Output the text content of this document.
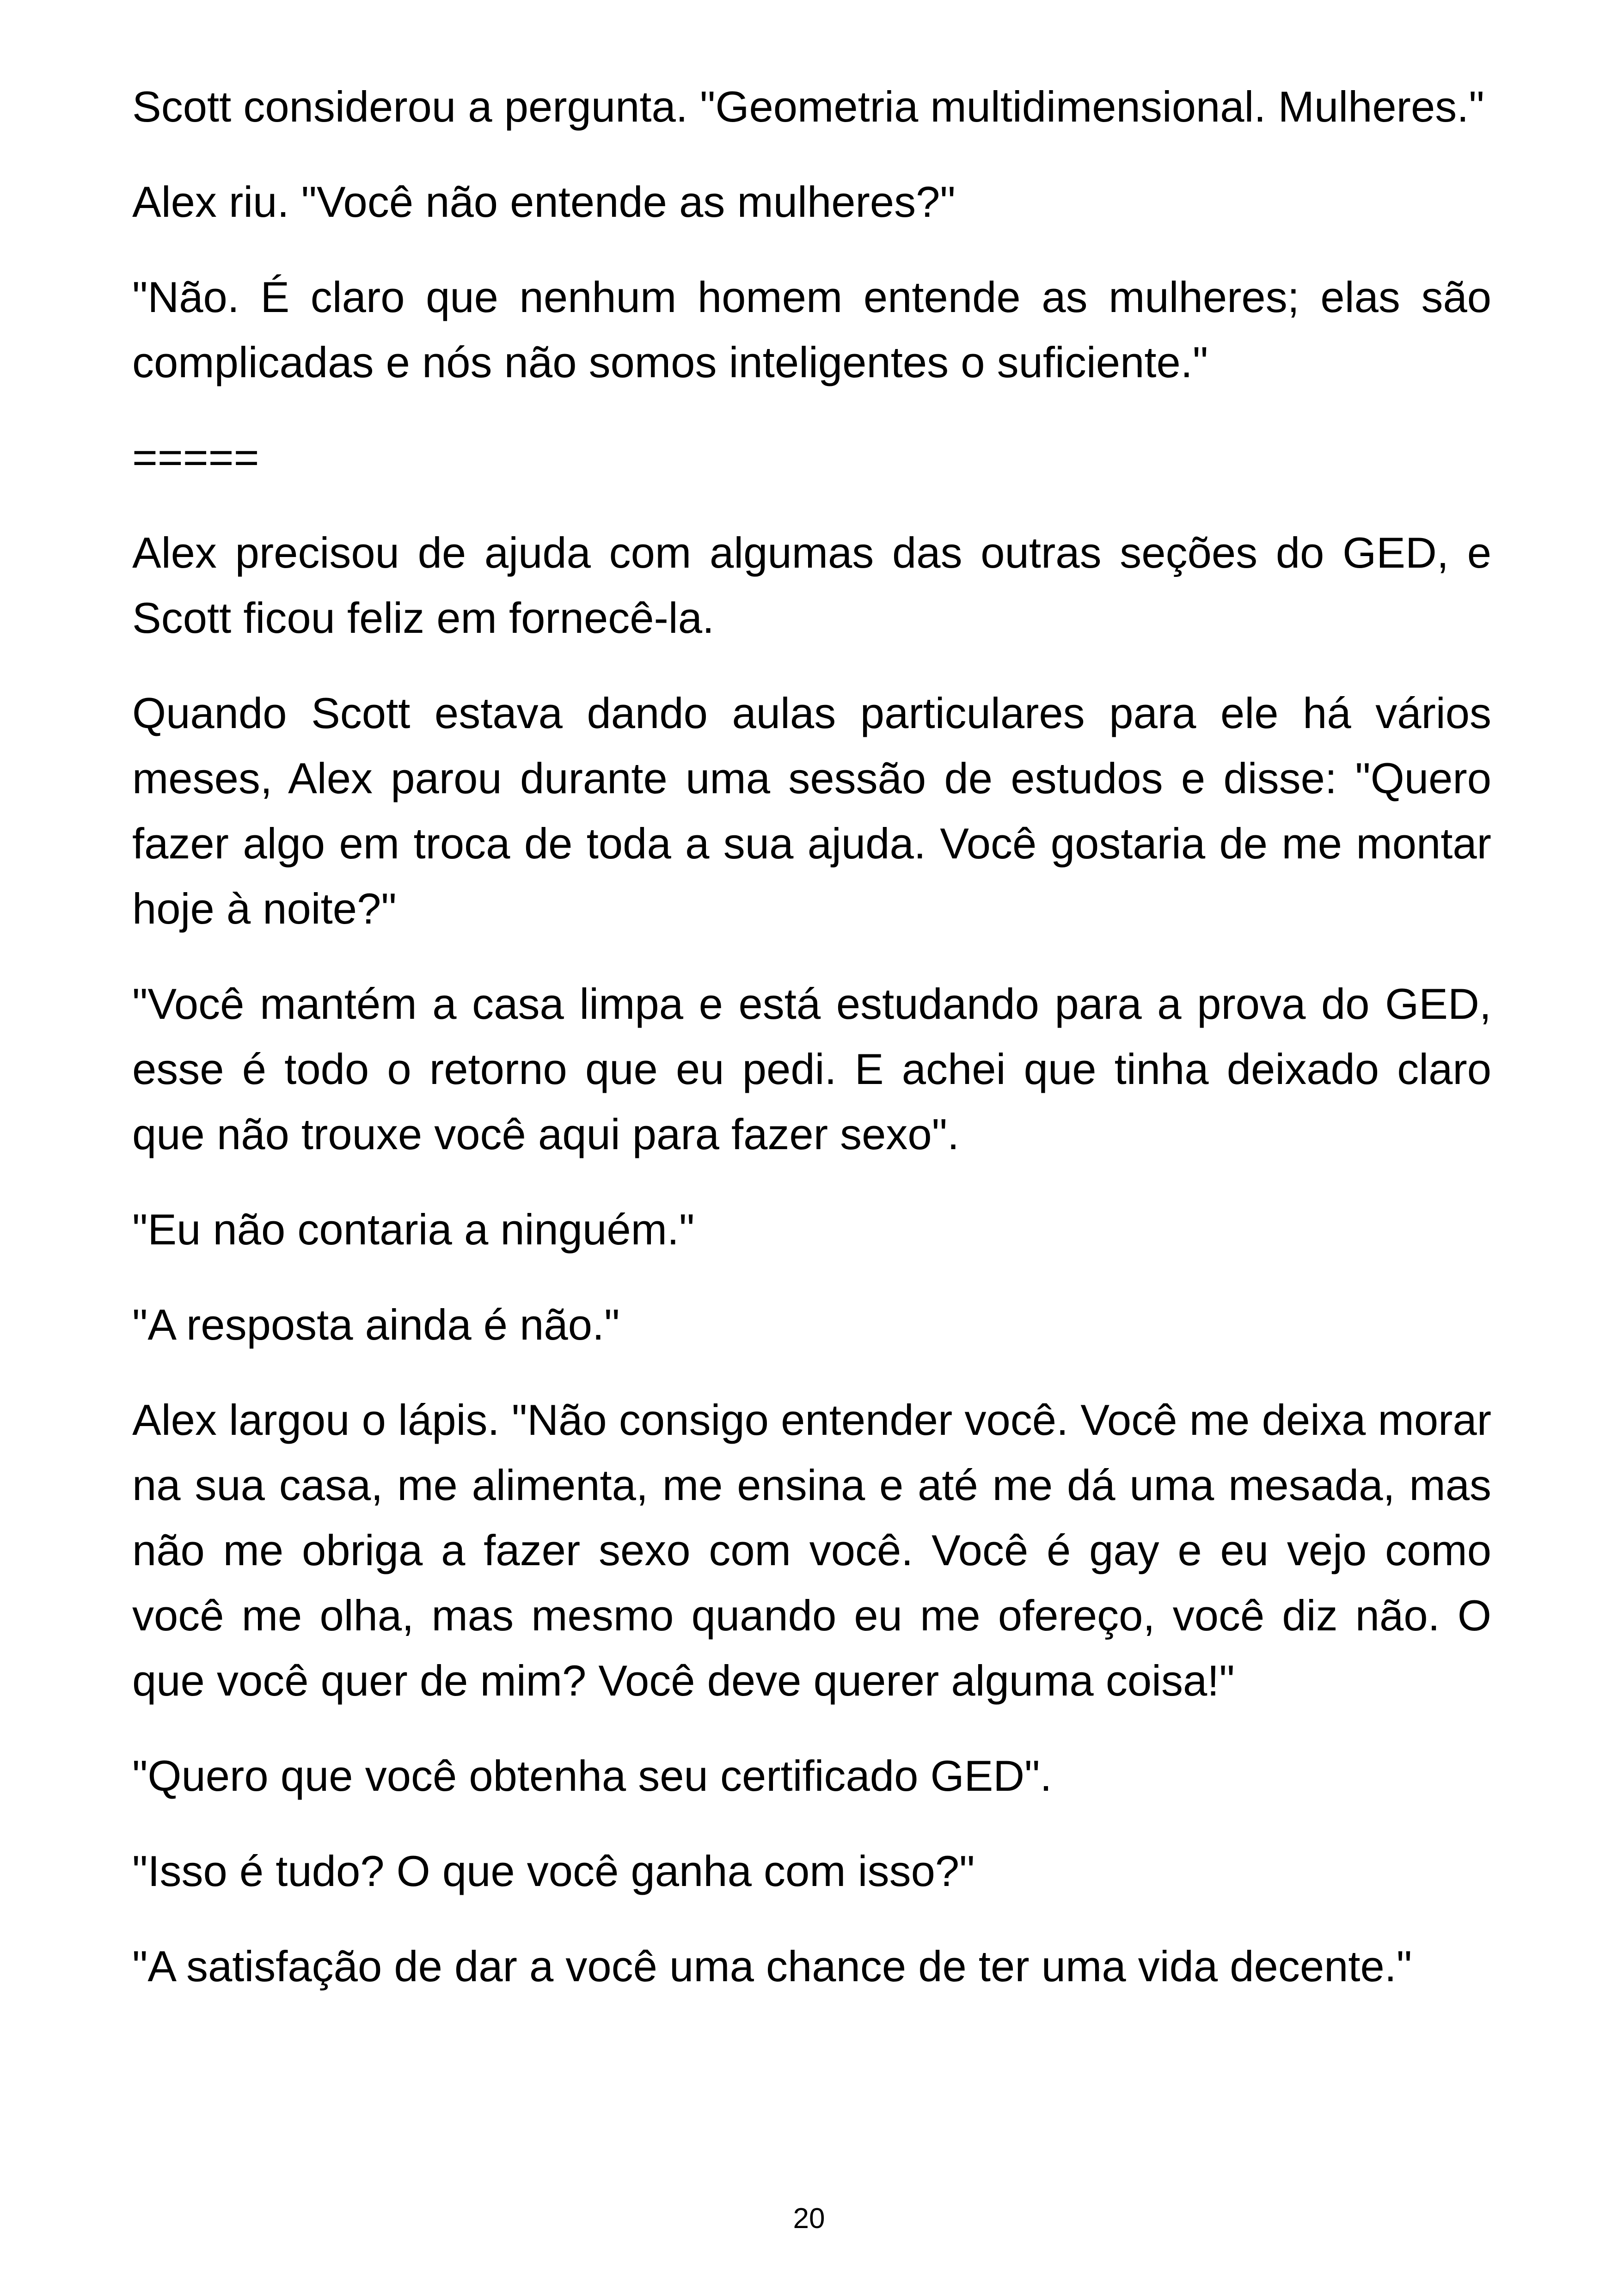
Scott considerou a pergunta. "Geometria multidimensional. Mulheres."

Alex riu. "Você não entende as mulheres?"

"Não. É claro que nenhum homem entende as mulheres; elas são complicadas e nós não somos inteligentes o suficiente."

=====

Alex precisou de ajuda com algumas das outras seções do GED, e Scott ficou feliz em fornecê-la.

Quando Scott estava dando aulas particulares para ele há vários meses, Alex parou durante uma sessão de estudos e disse: "Quero fazer algo em troca de toda a sua ajuda. Você gostaria de me montar hoje à noite?"

"Você mantém a casa limpa e está estudando para a prova do GED, esse é todo o retorno que eu pedi. E achei que tinha deixado claro que não trouxe você aqui para fazer sexo".

"Eu não contaria a ninguém."

"A resposta ainda é não."

Alex largou o lápis. "Não consigo entender você. Você me deixa morar na sua casa, me alimenta, me ensina e até me dá uma mesada, mas não me obriga a fazer sexo com você. Você é gay e eu vejo como você me olha, mas mesmo quando eu me ofereço, você diz não. O que você quer de mim? Você deve querer alguma coisa!"

"Quero que você obtenha seu certificado GED".

"Isso é tudo? O que você ganha com isso?"

"A satisfação de dar a você uma chance de ter uma vida decente."

20
